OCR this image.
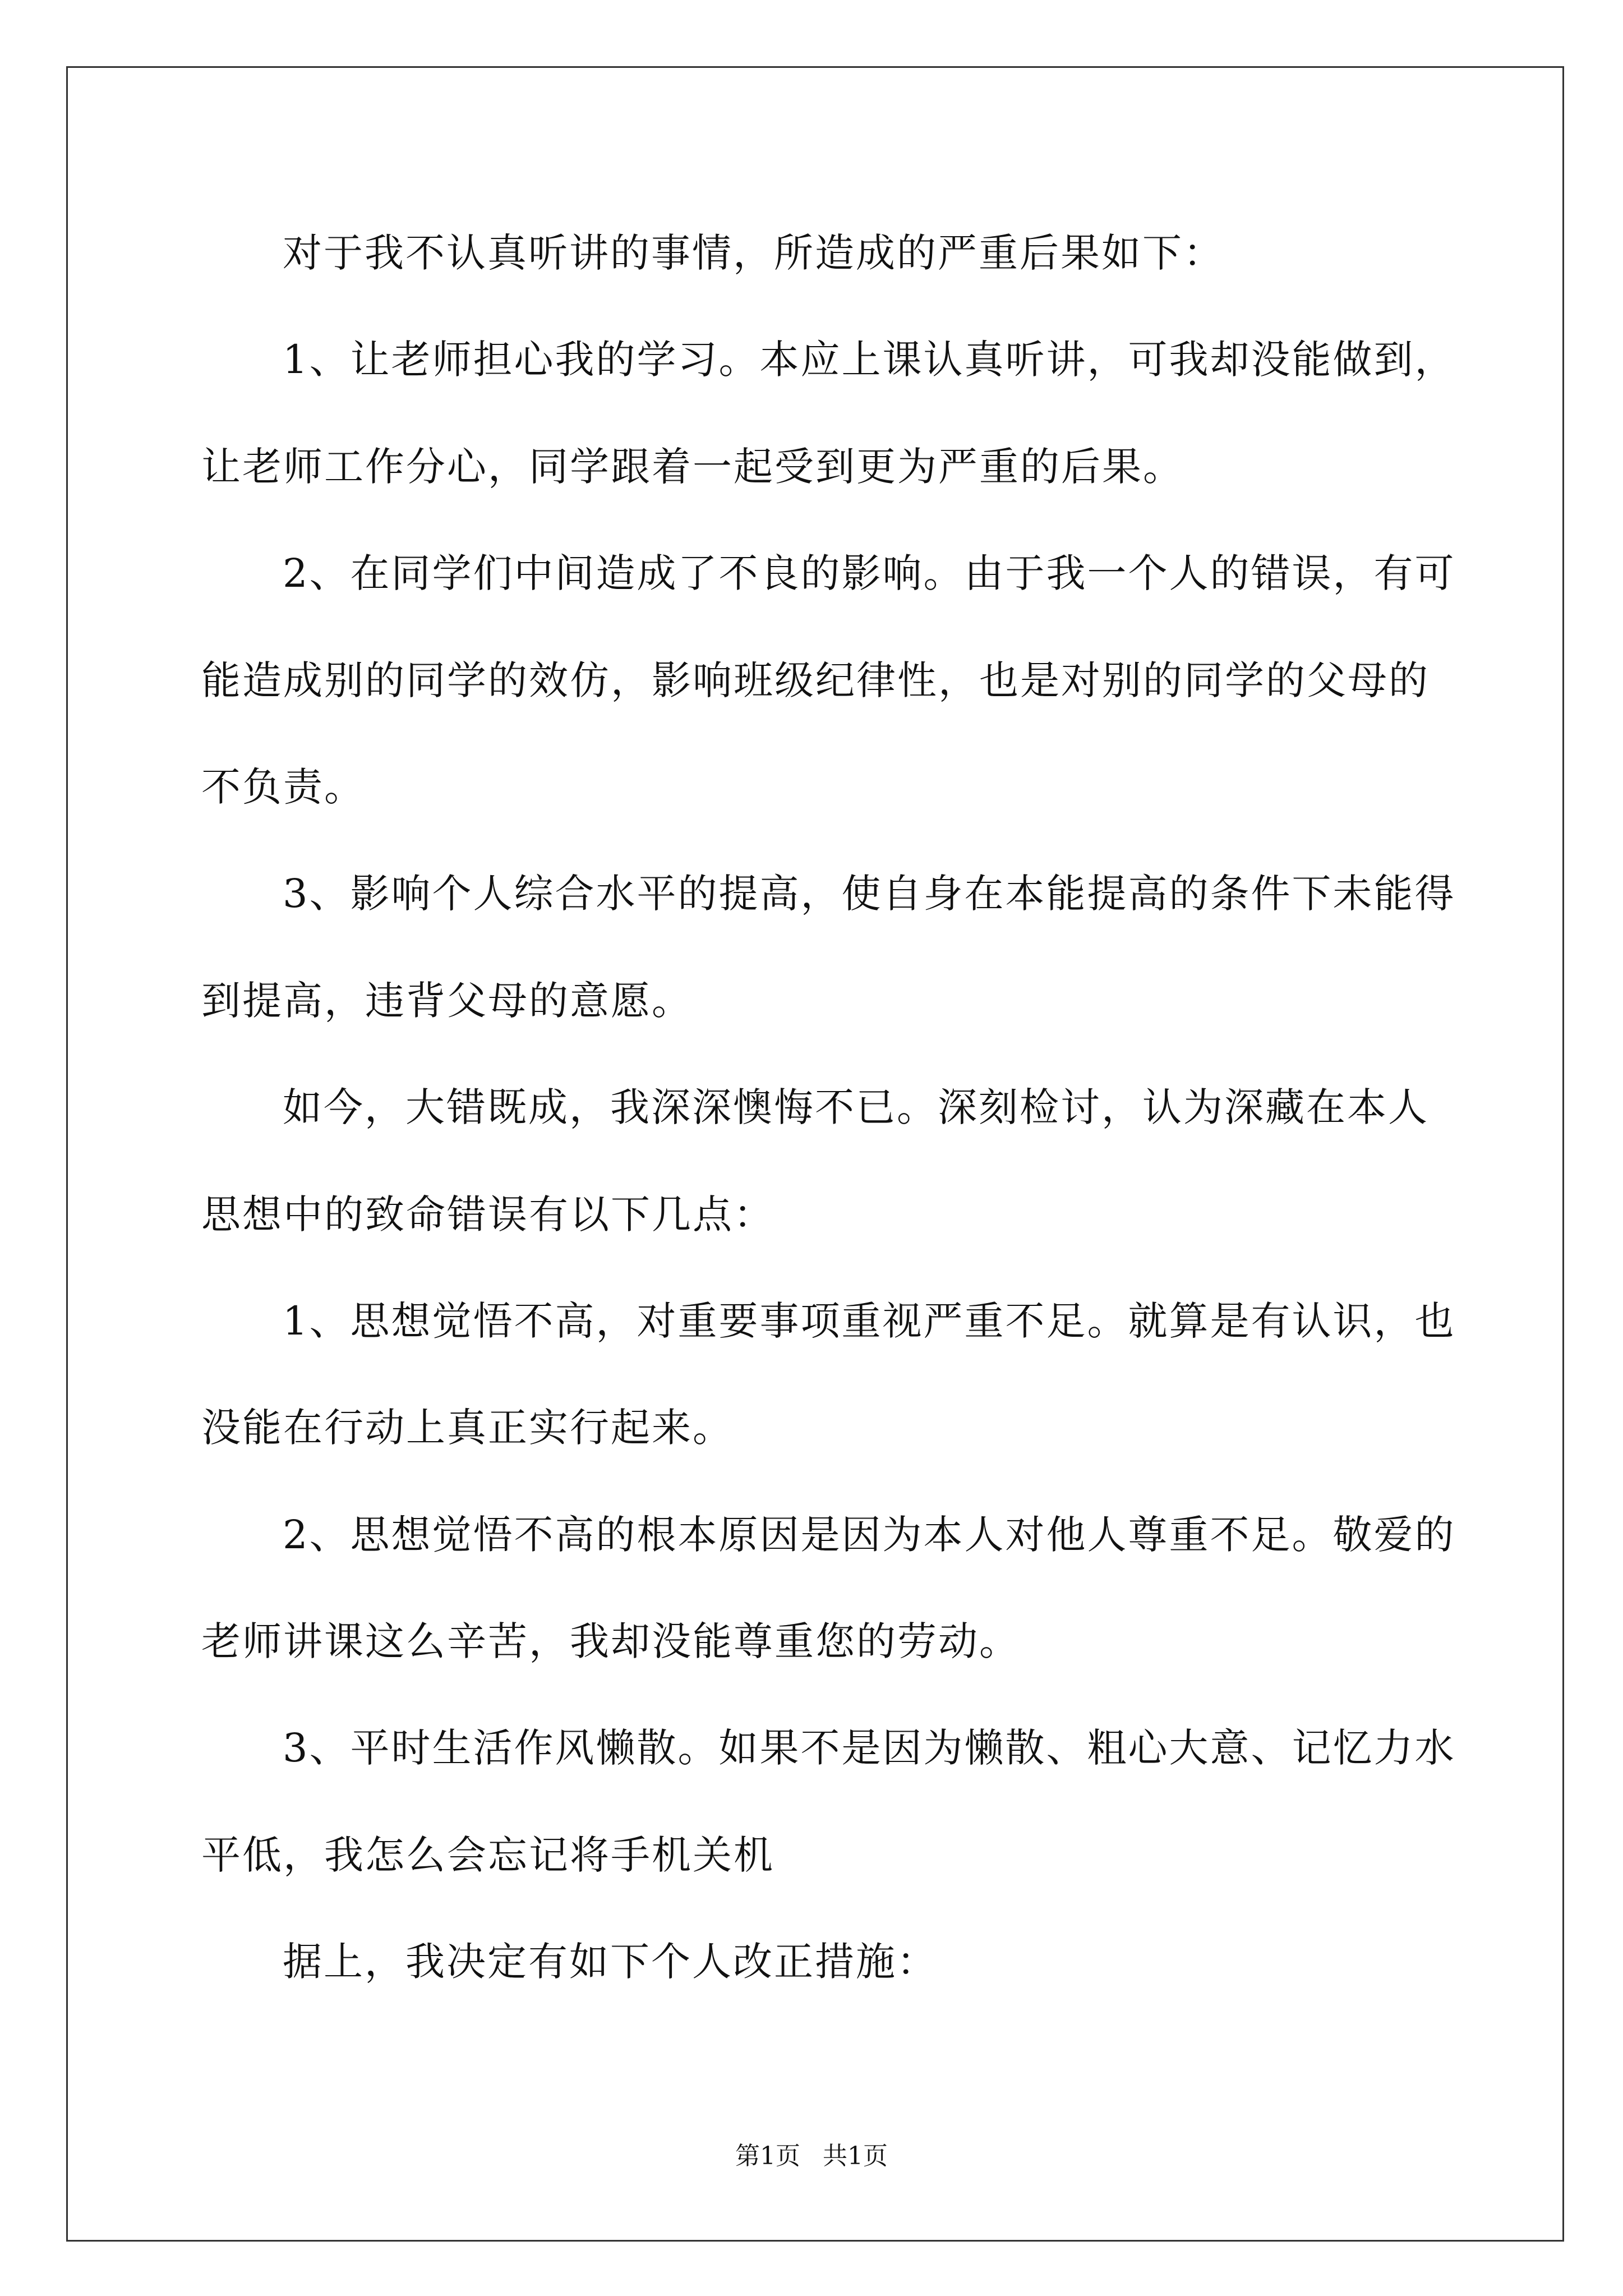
对于我不认真听讲的事情，所造成的严重后果如下：
1、让老师担心我的学习。本应上课认真听讲，可我却没能做到，
让老师工作分心，同学跟着一起受到更为严重的后果。
2、在同学们中间造成了不良的影响。由于我一个人的错误，有可
能造成别的同学的效仿，影响班级纪律性，也是对别的同学的父母的
不负责。
3、影响个人综合水平的提高，使自身在本能提高的条件下未能得
到提高，违背父母的意愿。
如今，大错既成，我深深懊悔不已。深刻检讨，认为深藏在本人
思想中的致命错误有以下几点：
1、思想觉悟不高，对重要事项重视严重不足。就算是有认识，也
没能在行动上真正实行起来。
2、思想觉悟不高的根本原因是因为本人对他人尊重不足。敬爱的
老师讲课这么辛苦，我却没能尊重您的劳动。
3、平时生活作风懒散。如果不是因为懒散、粗心大意、记忆力水
平低，我怎么会忘记将手机关机
据上，我决定有如下个人改正措施：
第1页 共1页
